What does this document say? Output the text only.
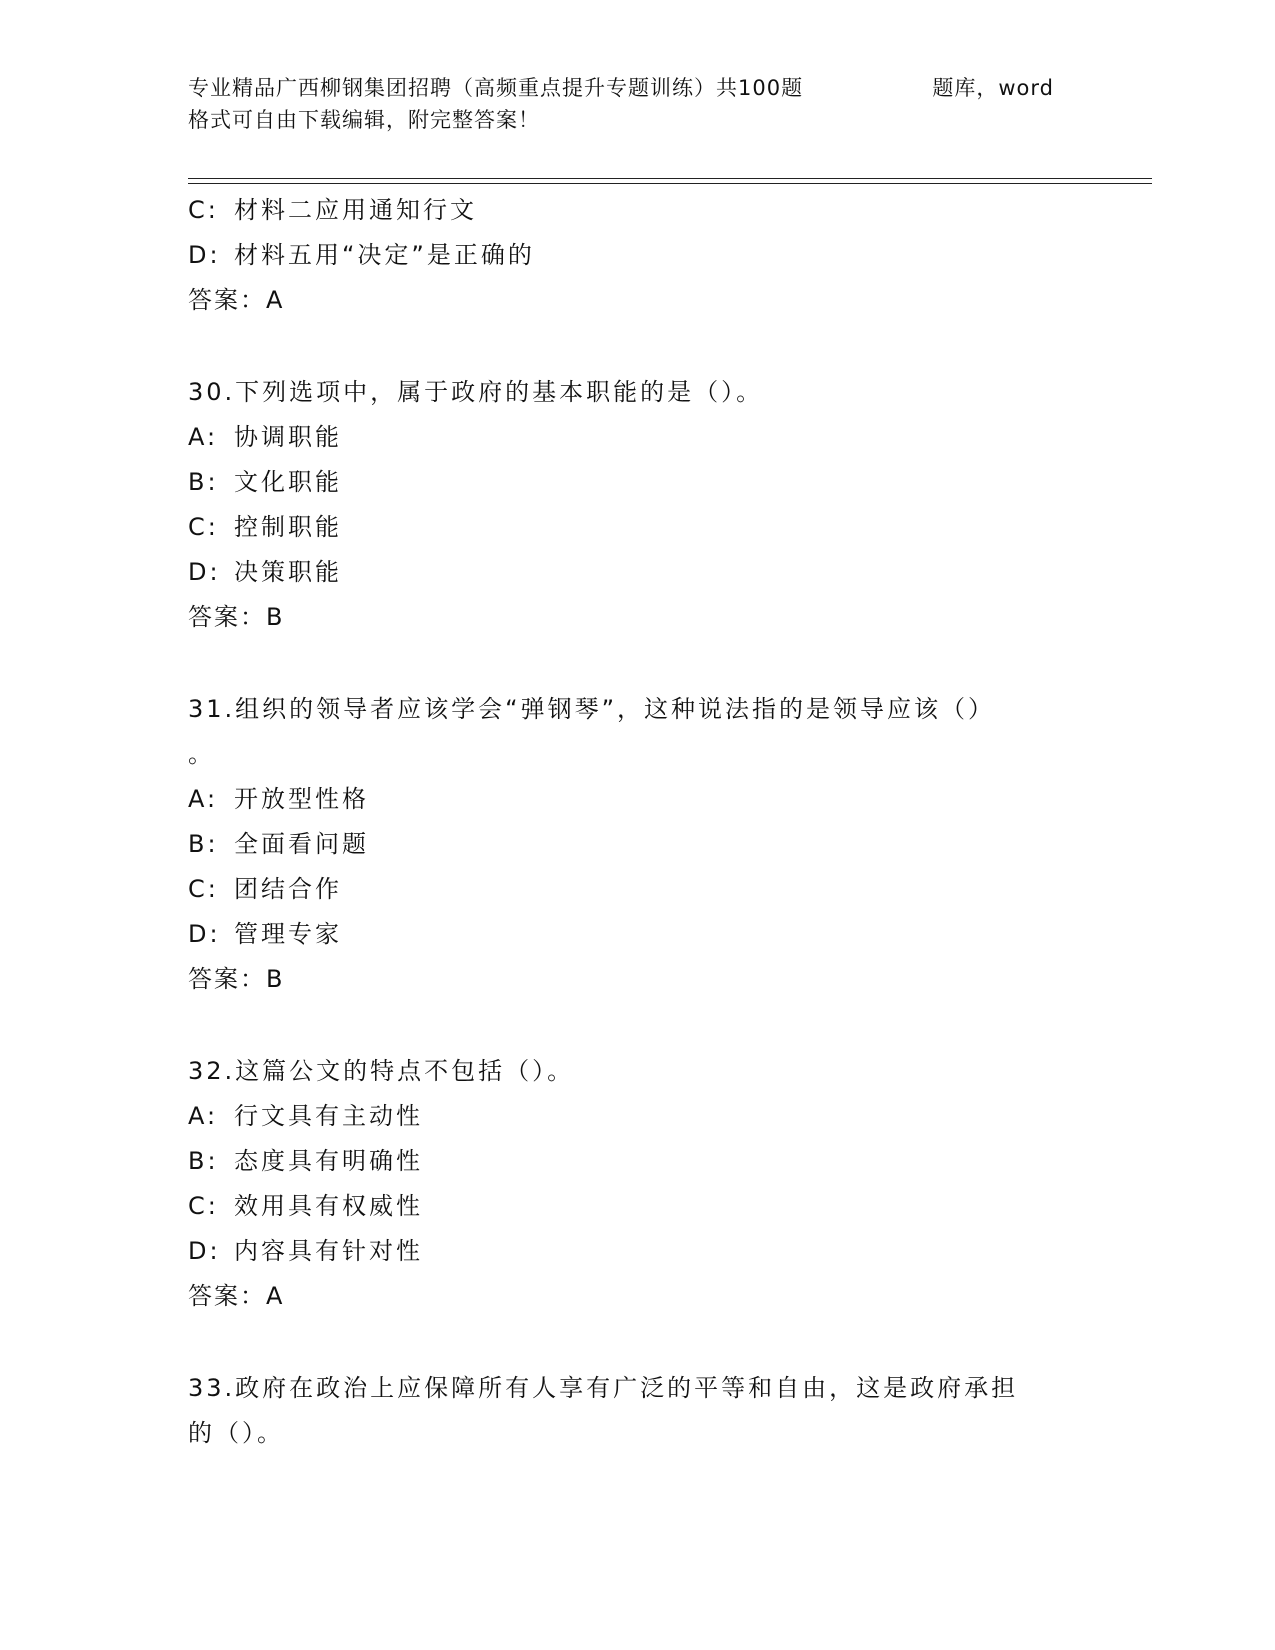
专业精品广西柳钢集团招聘（高频重点提升专题训练）共100题	题库，word
格式可自由下载编辑，附完整答案！
C: 材料二应用通知行文
D: 材料五用“决定”是正确的
答案：A
30.下列选项中，属于政府的基本职能的是（）。
A: 协调职能
B: 文化职能
C: 控制职能
D: 决策职能
答案：B
31.组织的领导者应该学会“弹钢琴”，这种说法指的是领导应该（）
。
A: 开放型性格
B: 全面看问题
C: 团结合作
D: 管理专家
答案：B
32.这篇公文的特点不包括（）。
A: 行文具有主动性
B: 态度具有明确性
C: 效用具有权威性
D: 内容具有针对性
答案：A
33.政府在政治上应保障所有人享有广泛的平等和自由，这是政府承担
的（）。
